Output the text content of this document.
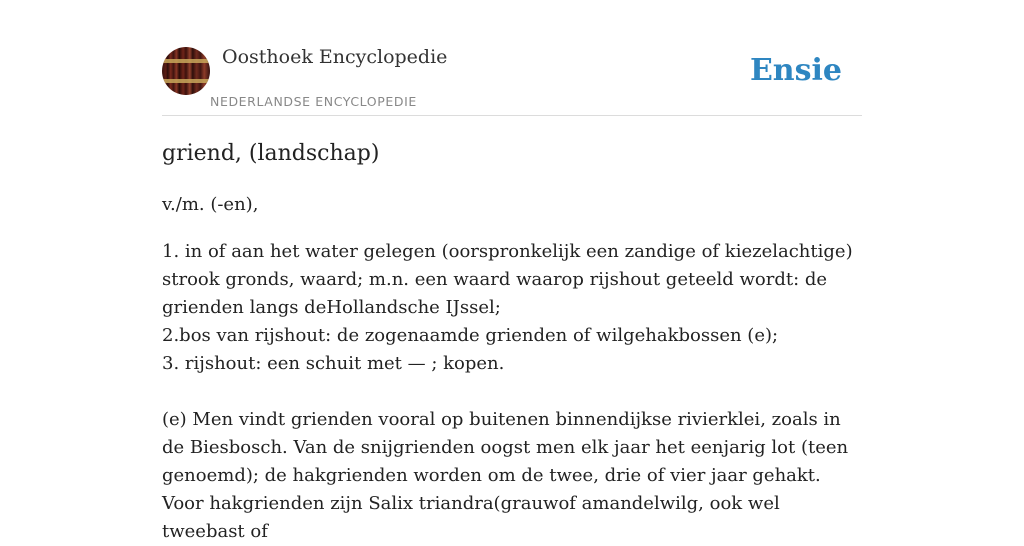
Oosthoek Encyclopedie
NEDERLANDSE ENCYCLOPEDIE
Ensie
griend, (landschap)
v./m. (-en),

1. in of aan het water gelegen (oorspronkelijk een zandige of kiezelachtige) strook gronds, waard; m.n. een waard waarop rijshout geteeld wordt: de grienden langs deHollandsche IJssel;

2.bos van rijshout: de zogenaamde grienden of wilgehakbossen (e);

3. rijshout: een schuit met — ; kopen.

(e) Men vindt grienden vooral op buitenen binnendijkse rivierklei, zoals in de Biesbosch. Van de snijgrienden oogst men elk jaar het eenjarig lot (teen genoemd); de hakgrienden worden om de twee, drie of vier jaar gehakt. Voor hakgrienden zijn Salix triandra(grauwof amandelwilg, ook wel tweebast of
